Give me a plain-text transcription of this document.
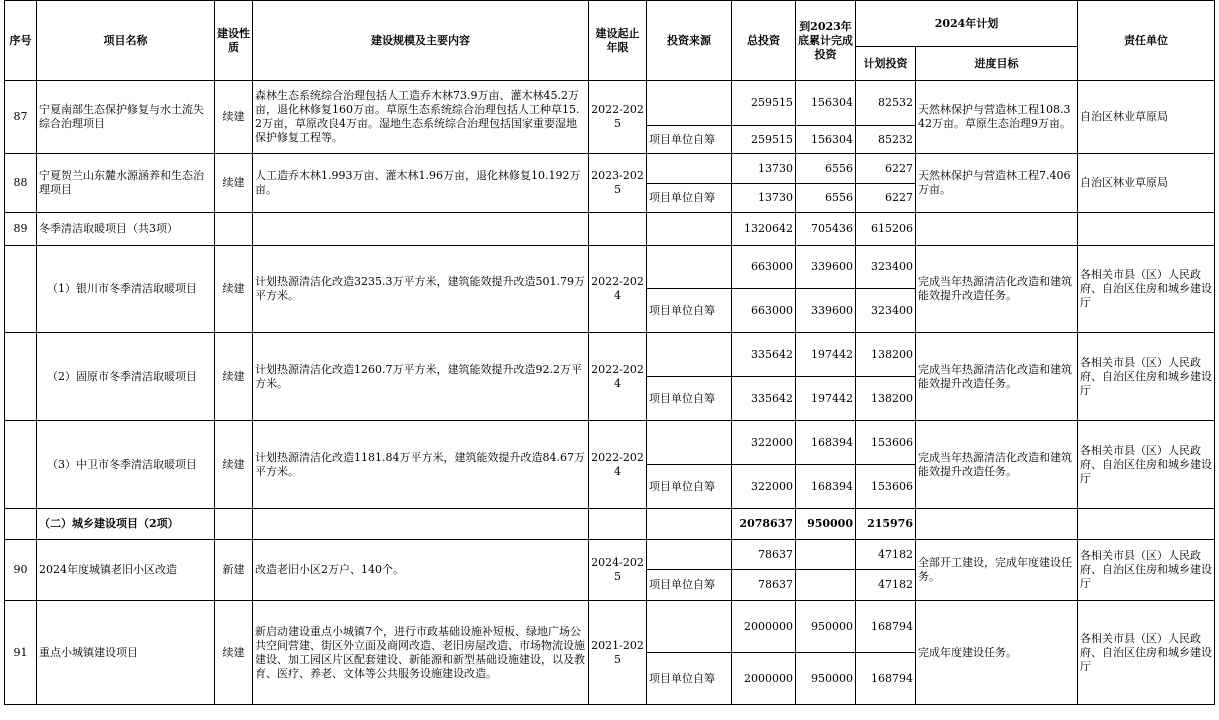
序号	项目名称	建设性质	建设规模及主要内容	建设起止年限	投资来源	总投资	到2023年底累计完成投资	2024年计划		责任单位
								计划投资	进度目标	
87	宁夏南部生态保护修复与水土流失综合治理项目	续建	森林生态系统综合治理包括人工造乔木林73.9万亩、灌木林45.2万亩，退化林修复160万亩。草原生态系统综合治理包括人工种草15.2万亩，草原改良4万亩。湿地生态系统综合治理包括国家重要湿地保护修复工程等。	2022-2025		259515	156304	82532	天然林保护与营造林工程108.342万亩。草原生态治理9万亩。	自治区林业草原局
					项目单位自筹	259515	156304	85232		
88	宁夏贺兰山东麓水源涵养和生态治理项目	续建	人工造乔木林1.993万亩、灌木林1.96万亩，退化林修复10.192万亩。	2023-2025		13730	6556	6227	天然林保护与营造林工程7.406万亩。	自治区林业草原局
					项目单位自筹	13730	6556	6227		
89	冬季清洁取暖项目（共3项）					1320642	705436	615206		
	（1）银川市冬季清洁取暖项目	续建	计划热源清洁化改造3235.3万平方米，建筑能效提升改造501.79万平方米。	2022-2024		663000	339600	323400	完成当年热源清洁化改造和建筑能效提升改造任务。	各相关市县（区）人民政府、自治区住房和城乡建设厅
					项目单位自筹	663000	339600	323400		
	（2）固原市冬季清洁取暖项目	续建	计划热源清洁化改造1260.7万平方米，建筑能效提升改造92.2万平方米。	2022-2024		335642	197442	138200	完成当年热源清洁化改造和建筑能效提升改造任务。	各相关市县（区）人民政府、自治区住房和城乡建设厅
					项目单位自筹	335642	197442	138200		
	（3）中卫市冬季清洁取暖项目	续建	计划热源清洁化改造1181.84万平方米，建筑能效提升改造84.67万平方米。	2022-2024		322000	168394	153606	完成当年热源清洁化改造和建筑能效提升改造任务。	各相关市县（区）人民政府、自治区住房和城乡建设厅
					项目单位自筹	322000	168394	153606		
	（二）城乡建设项目（2项）					2078637	950000	215976		
90	2024年度城镇老旧小区改造	新建	改造老旧小区2万户、140个。	2024-2025		78637		47182	全部开工建设，完成年度建设任务。	各相关市县（区）人民政府、自治区住房和城乡建设厅
					项目单位自筹	78637		47182		
91	重点小城镇建设项目	续建	新启动建设重点小城镇7个，进行市政基础设施补短板、绿地广场公共空间营建、街区外立面及商网改造、老旧房屋改造、市场物流设施建设、加工园区片区配套建设、新能源和新型基础设施建设，以及教育、医疗、养老、文体等公共服务设施建设改造。	2021-2025		2000000	950000	168794	完成年度建设任务。	各相关市县（区）人民政府、自治区住房和城乡建设厅
					项目单位自筹	2000000	950000	168794		
